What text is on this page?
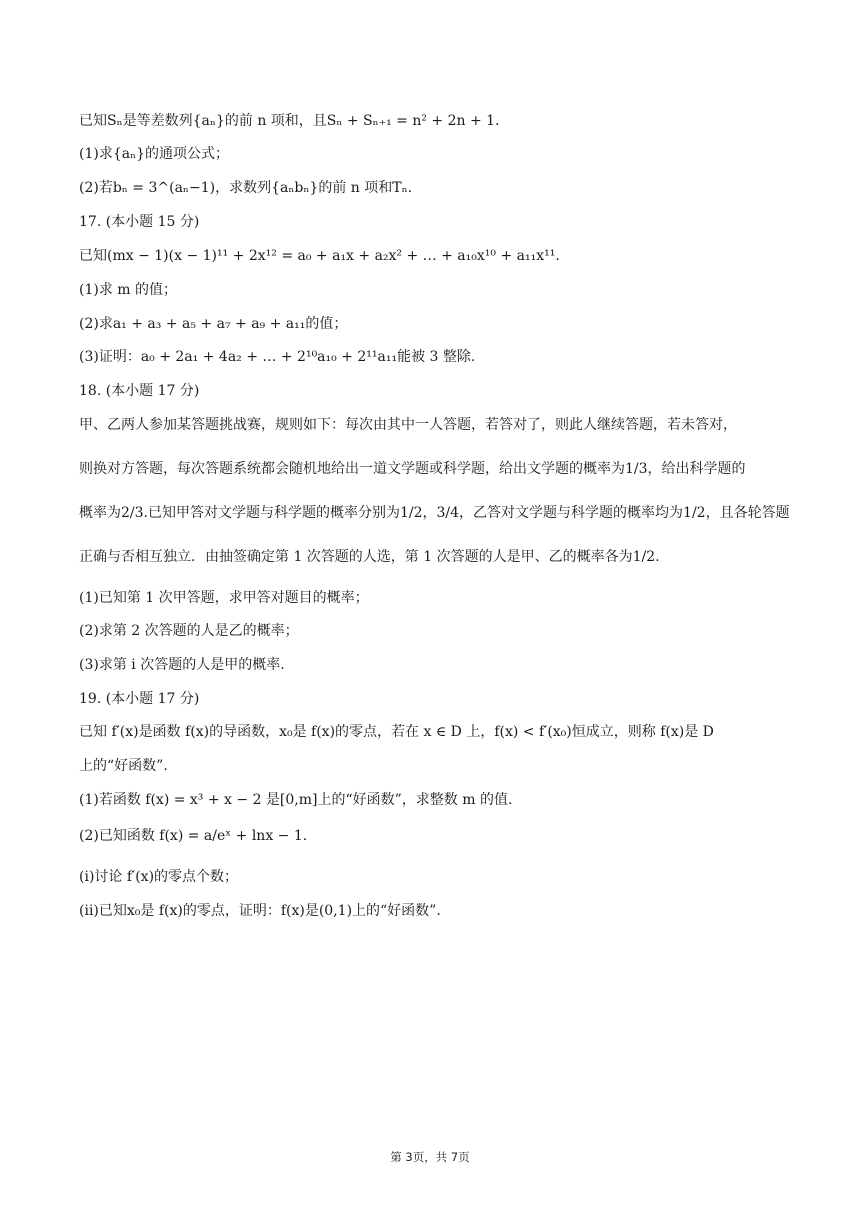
已知Sₙ是等差数列{aₙ}的前 n 项和，且Sₙ + Sₙ₊₁ = n² + 2n + 1.
(1)求{aₙ}的通项公式；
(2)若bₙ = 3^(aₙ−1)，求数列{aₙbₙ}的前 n 项和Tₙ.
17. (本小题 15 分)
已知(mx − 1)(x − 1)¹¹ + 2x¹² = a₀ + a₁x + a₂x² + … + a₁₀x¹⁰ + a₁₁x¹¹.
(1)求 m 的值；
(2)求a₁ + a₃ + a₅ + a₇ + a₉ + a₁₁的值；
(3)证明：a₀ + 2a₁ + 4a₂ + … + 2¹⁰a₁₀ + 2¹¹a₁₁能被 3 整除.
18. (本小题 17 分)
甲、乙两人参加某答题挑战赛，规则如下：每次由其中一人答题，若答对了，则此人继续答题，若未答对，
则换对方答题，每次答题系统都会随机地给出一道文学题或科学题，给出文学题的概率为1/3，给出科学题的
概率为2/3.已知甲答对文学题与科学题的概率分别为1/2，3/4，乙答对文学题与科学题的概率均为1/2，且各轮答题
正确与否相互独立．由抽签确定第 1 次答题的人选，第 1 次答题的人是甲、乙的概率各为1/2.
(1)已知第 1 次甲答题，求甲答对题目的概率；
(2)求第 2 次答题的人是乙的概率；
(3)求第 i 次答题的人是甲的概率.
19. (本小题 17 分)
已知 f′(x)是函数 f(x)的导函数，x₀是 f(x)的零点，若在 x ∈ D 上，f(x) < f′(x₀)恒成立，则称 f(x)是 D
上的“好函数”.
(1)若函数 f(x) = x³ + x − 2 是[0,m]上的“好函数”，求整数 m 的值.
(2)已知函数 f(x) = a/eˣ + lnx − 1.
(ⅰ)讨论 f′(x)的零点个数；
(ⅱ)已知x₀是 f(x)的零点，证明：f(x)是(0,1)上的“好函数”.
第 3页，共 7页
